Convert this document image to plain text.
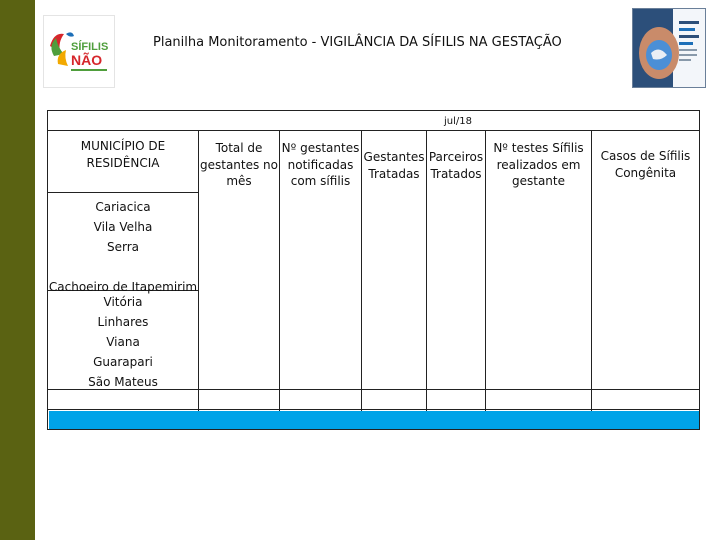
SÍFILIS
NÃO
Planilha Monitoramento - VIGILÂNCIA DA SÍFILIS NA GESTAÇÃO
jul/18
MUNICÍPIO DE
RESIDÊNCIA
Total de
gestantes no
mês
Nº gestantes
notificadas
com sífilis
Gestantes
Tratadas
Parceiros
Tratados
Nº testes Sífilis
realizados em
gestante
Casos de Sífilis
Congênita
Cariacica
Vila Velha
Serra
Cachoeiro de Itapemirim
Vitória
Linhares
Viana
Guarapari
São Mateus
